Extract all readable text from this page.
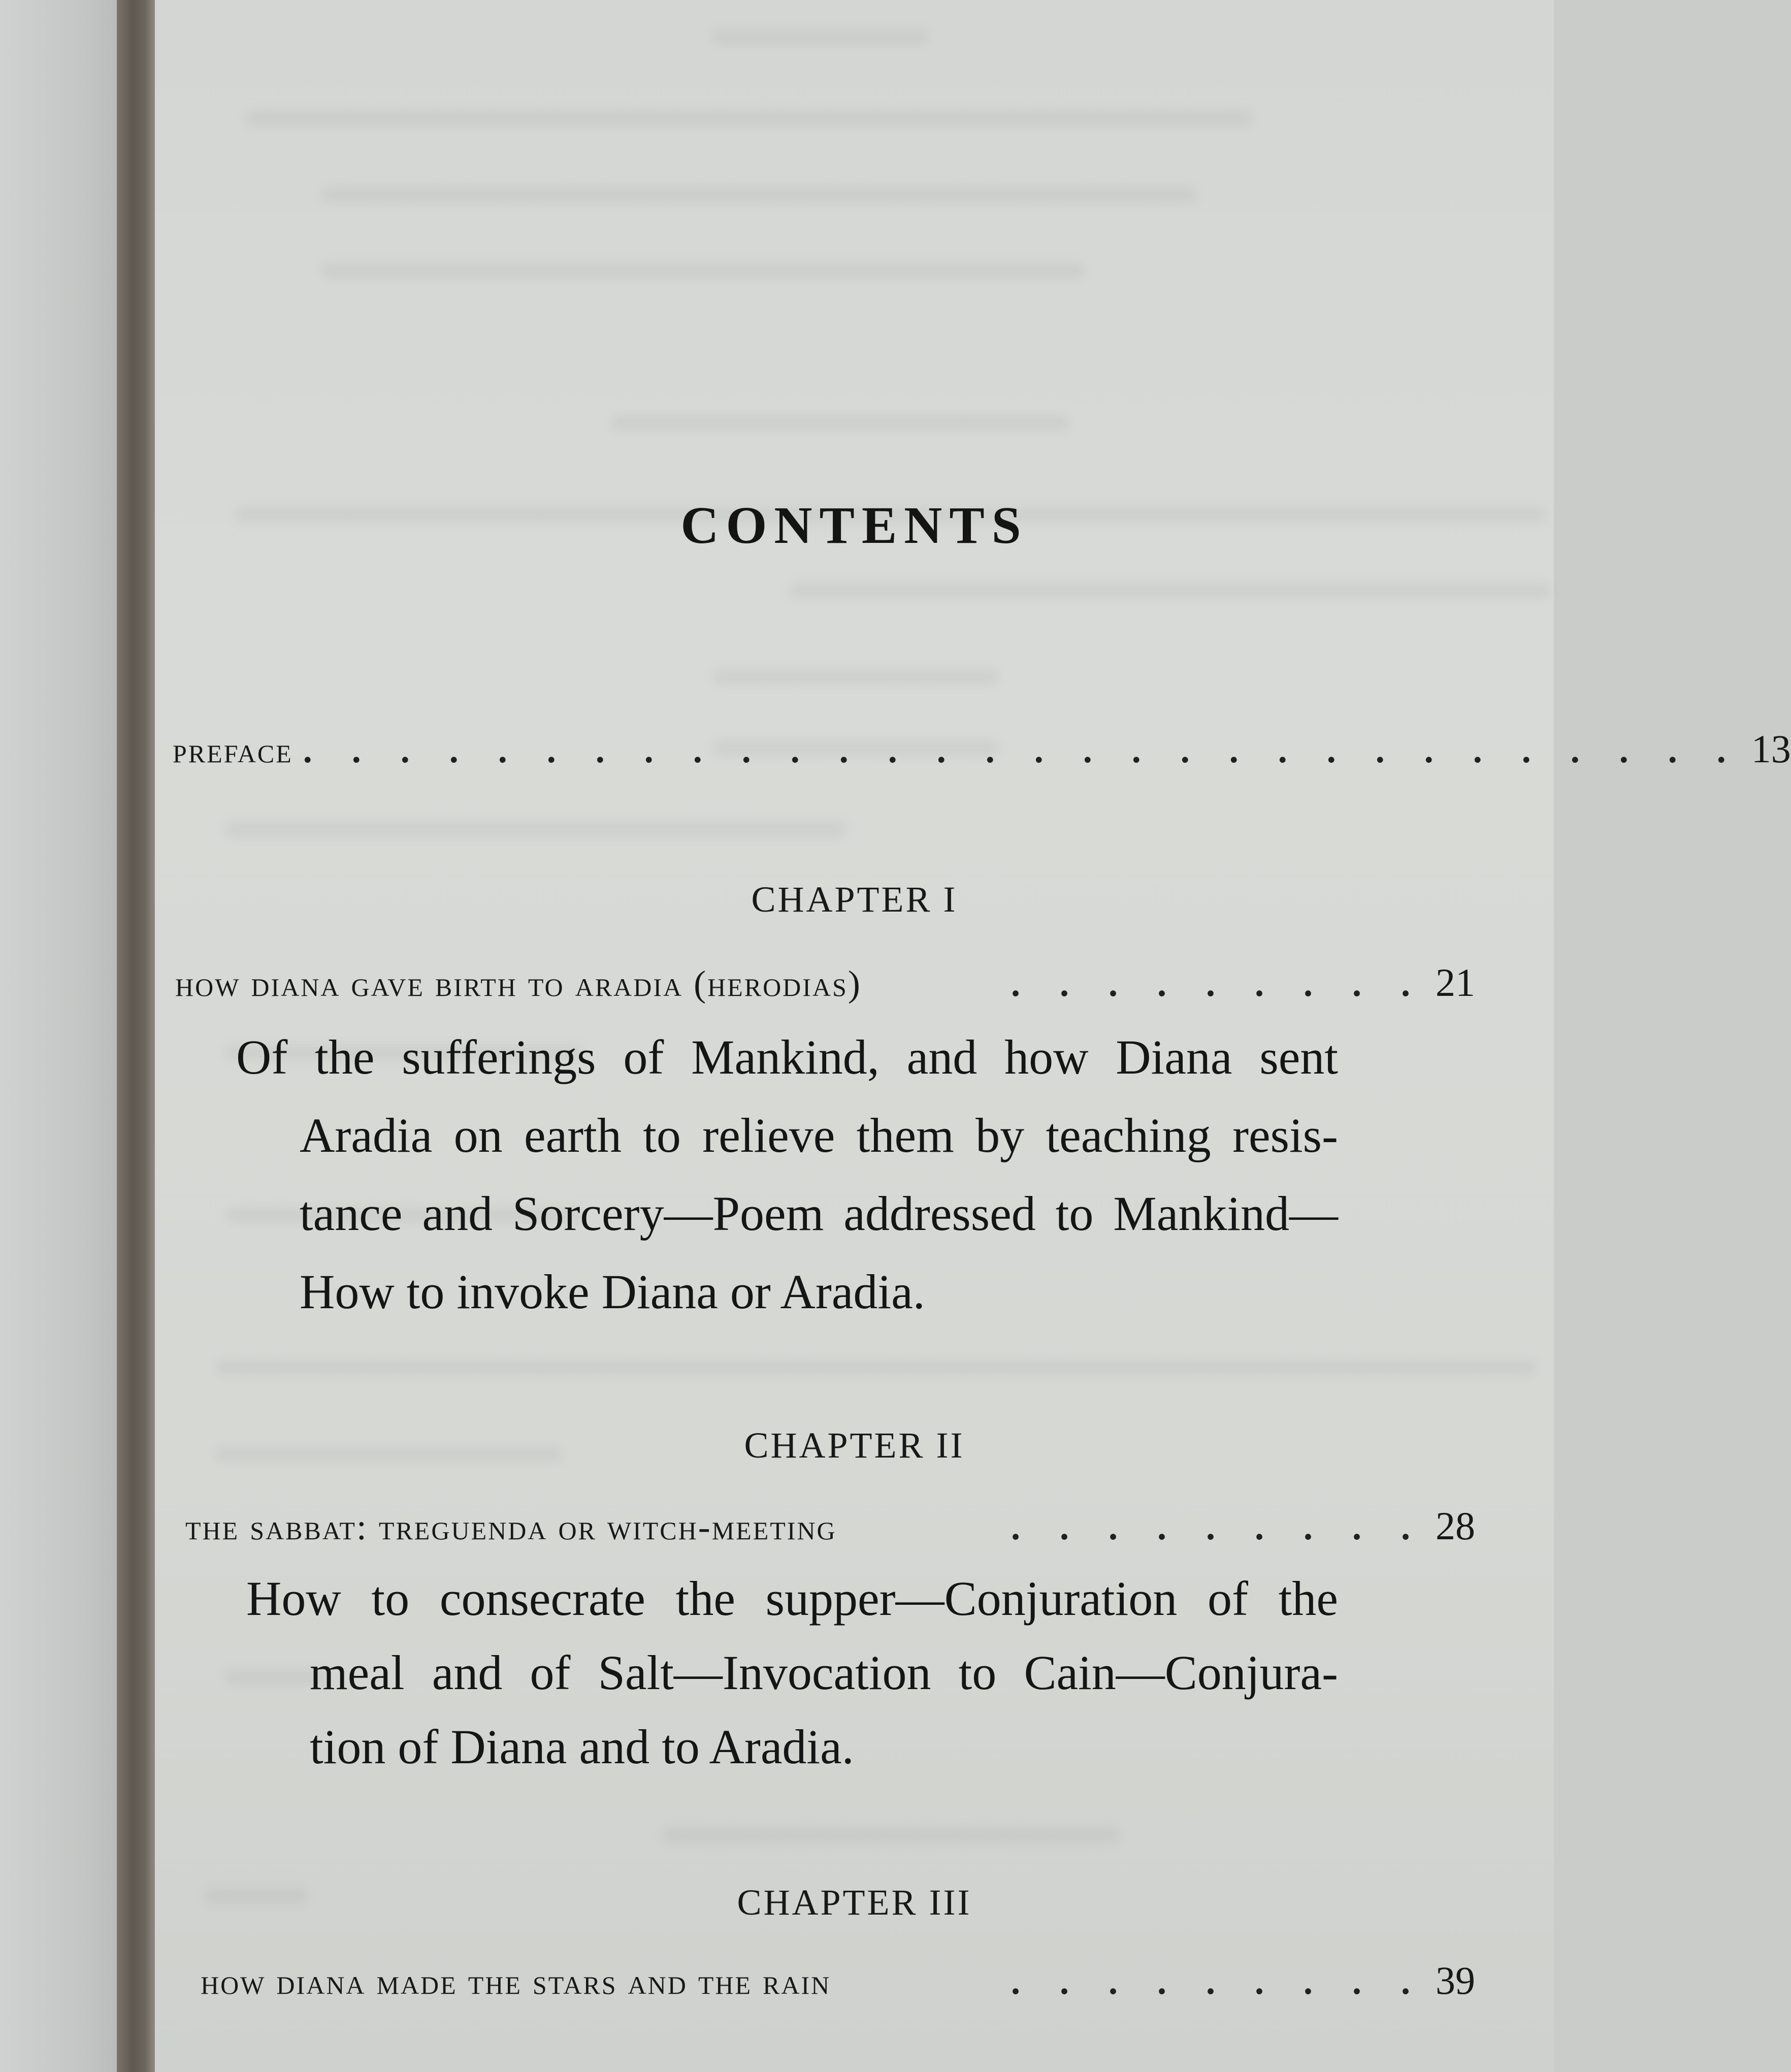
CONTENTS
preface . . . . . . . . . . . . . . . . . . . . . . . . . . . . . . 13
CHAPTER I
how diana gave birth to aradia (herodias)	. . . . . . . . . 21
Of the sufferings of Mankind, and how Diana sent
Aradia on earth to relieve them by teaching resis-
tance and Sorcery—Poem addressed to Mankind—
How to invoke Diana or Aradia.
CHAPTER II
the sabbat: treguenda or witch-meeting	. . . . . . . . . 28
How to consecrate the supper—Conjuration of the
meal and of Salt—Invocation to Cain—Conjura-
tion of Diana and to Aradia.
CHAPTER III
how diana made the stars and the rain	. . . . . . . . . 39
